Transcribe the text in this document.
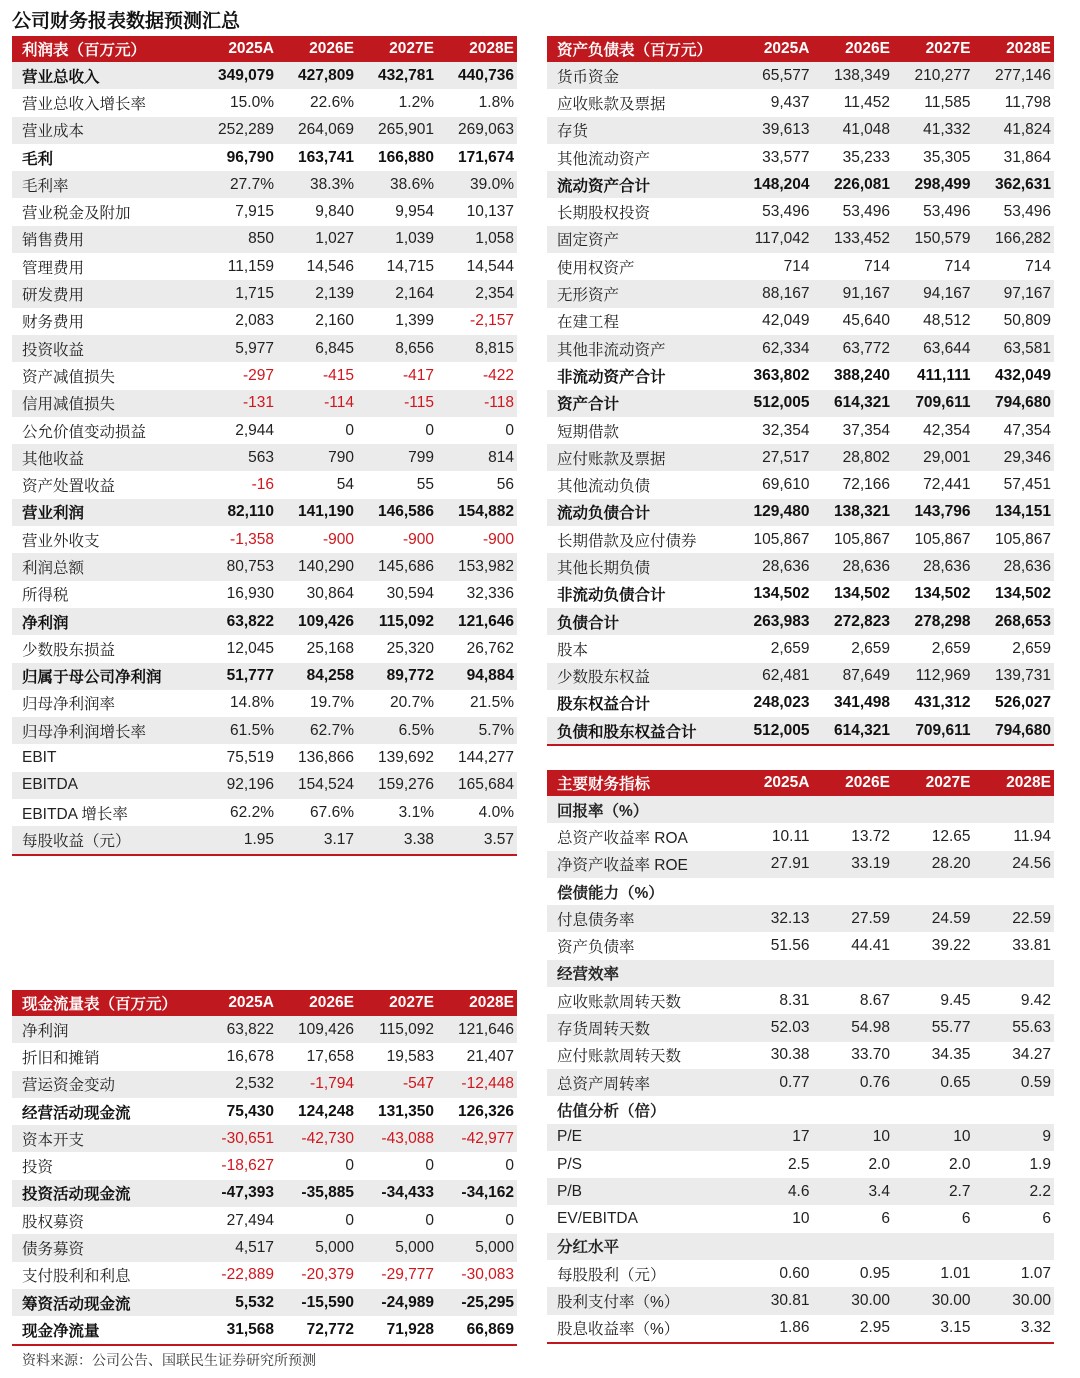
公司财务报表数据预测汇总
利润表（百万元）	2025A	2026E	2027E	2028E
营业总收入	349,079	427,809	432,781	440,736
营业总收入增长率	15.0%	22.6%	1.2%	1.8%
营业成本	252,289	264,069	265,901	269,063
毛利	96,790	163,741	166,880	171,674
毛利率	27.7%	38.3%	38.6%	39.0%
营业税金及附加	7,915	9,840	9,954	10,137
销售费用	850	1,027	1,039	1,058
管理费用	11,159	14,546	14,715	14,544
研发费用	1,715	2,139	2,164	2,354
财务费用	2,083	2,160	1,399	-2,157
投资收益	5,977	6,845	8,656	8,815
资产减值损失	-297	-415	-417	-422
信用减值损失	-131	-114	-115	-118
公允价值变动损益	2,944	0	0	0
其他收益	563	790	799	814
资产处置收益	-16	54	55	56
营业利润	82,110	141,190	146,586	154,882
营业外收支	-1,358	-900	-900	-900
利润总额	80,753	140,290	145,686	153,982
所得税	16,930	30,864	30,594	32,336
净利润	63,822	109,426	115,092	121,646
少数股东损益	12,045	25,168	25,320	26,762
归属于母公司净利润	51,777	84,258	89,772	94,884
归母净利润率	14.8%	19.7%	20.7%	21.5%
归母净利润增长率	61.5%	62.7%	6.5%	5.7%
EBIT	75,519	136,866	139,692	144,277
EBITDA	92,196	154,524	159,276	165,684
EBITDA 增长率	62.2%	67.6%	3.1%	4.0%
每股收益（元）	1.95	3.17	3.38	3.57
资产负债表（百万元）	2025A	2026E	2027E	2028E
货币资金	65,577	138,349	210,277	277,146
应收账款及票据	9,437	11,452	11,585	11,798
存货	39,613	41,048	41,332	41,824
其他流动资产	33,577	35,233	35,305	31,864
流动资产合计	148,204	226,081	298,499	362,631
长期股权投资	53,496	53,496	53,496	53,496
固定资产	117,042	133,452	150,579	166,282
使用权资产	714	714	714	714
无形资产	88,167	91,167	94,167	97,167
在建工程	42,049	45,640	48,512	50,809
其他非流动资产	62,334	63,772	63,644	63,581
非流动资产合计	363,802	388,240	411,111	432,049
资产合计	512,005	614,321	709,611	794,680
短期借款	32,354	37,354	42,354	47,354
应付账款及票据	27,517	28,802	29,001	29,346
其他流动负债	69,610	72,166	72,441	57,451
流动负债合计	129,480	138,321	143,796	134,151
长期借款及应付债券	105,867	105,867	105,867	105,867
其他长期负债	28,636	28,636	28,636	28,636
非流动负债合计	134,502	134,502	134,502	134,502
负债合计	263,983	272,823	278,298	268,653
股本	2,659	2,659	2,659	2,659
少数股东权益	62,481	87,649	112,969	139,731
股东权益合计	248,023	341,498	431,312	526,027
负债和股东权益合计	512,005	614,321	709,611	794,680
主要财务指标	2025A	2026E	2027E	2028E
回报率（%）				
总资产收益率 ROA	10.11	13.72	12.65	11.94
净资产收益率 ROE	27.91	33.19	28.20	24.56
偿债能力（%）				
付息债务率	32.13	27.59	24.59	22.59
资产负债率	51.56	44.41	39.22	33.81
经营效率				
应收账款周转天数	8.31	8.67	9.45	9.42
存货周转天数	52.03	54.98	55.77	55.63
应付账款周转天数	30.38	33.70	34.35	34.27
总资产周转率	0.77	0.76	0.65	0.59
估值分析（倍）				
P/E	17	10	10	9
P/S	2.5	2.0	2.0	1.9
P/B	4.6	3.4	2.7	2.2
EV/EBITDA	10	6	6	6
分红水平				
每股股利（元）	0.60	0.95	1.01	1.07
股利支付率（%）	30.81	30.00	30.00	30.00
股息收益率（%）	1.86	2.95	3.15	3.32
现金流量表（百万元）	2025A	2026E	2027E	2028E
净利润	63,822	109,426	115,092	121,646
折旧和摊销	16,678	17,658	19,583	21,407
营运资金变动	2,532	-1,794	-547	-12,448
经营活动现金流	75,430	124,248	131,350	126,326
资本开支	-30,651	-42,730	-43,088	-42,977
投资	-18,627	0	0	0
投资活动现金流	-47,393	-35,885	-34,433	-34,162
股权募资	27,494	0	0	0
债务募资	4,517	5,000	5,000	5,000
支付股利和利息	-22,889	-20,379	-29,777	-30,083
筹资活动现金流	5,532	-15,590	-24,989	-25,295
现金净流量	31,568	72,772	71,928	66,869
资料来源：公司公告、国联民生证券研究所预测
